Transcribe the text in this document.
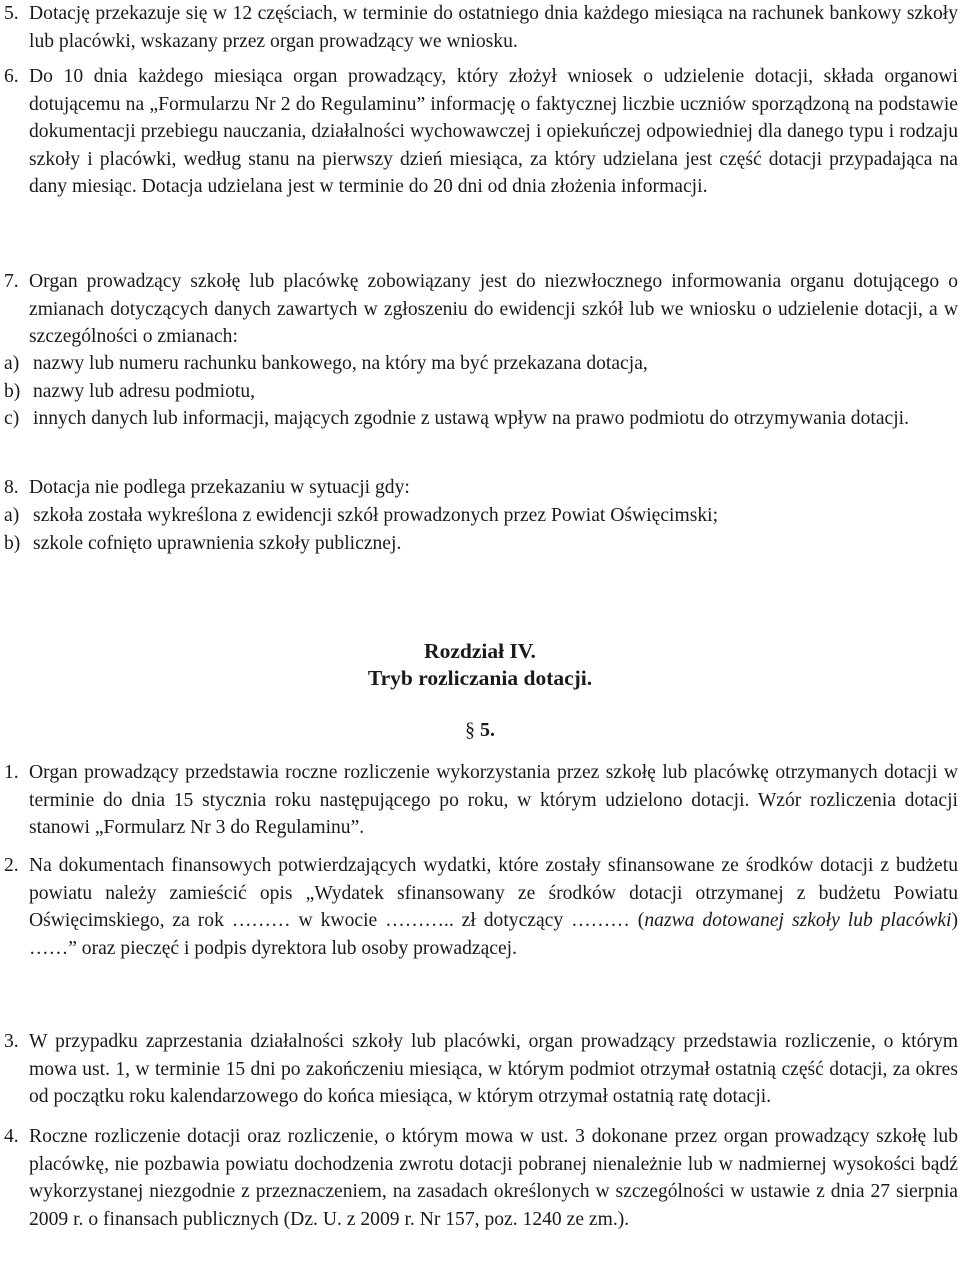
5. Dotację przekazuje się w 12 częściach, w terminie do ostatniego dnia każdego miesiąca na rachunek bankowy szkoły lub placówki, wskazany przez organ prowadzący we wniosku.

6. Do 10 dnia każdego miesiąca organ prowadzący, który złożył wniosek o udzielenie dotacji, składa organowi dotującemu na „Formularzu Nr 2 do Regulaminu” informację o faktycznej liczbie uczniów sporządzoną na podstawie dokumentacji przebiegu nauczania, działalności wychowawczej i opiekuńczej odpowiedniej dla danego typu i rodzaju szkoły i placówki, według stanu na pierwszy dzień miesiąca, za który udzielana jest część dotacji przypadająca na dany miesiąc. Dotacja udzielana jest w terminie do 20 dni od dnia złożenia informacji.

7. Organ prowadzący szkołę lub placówkę zobowiązany jest do niezwłocznego informowania organu dotującego o zmianach dotyczących danych zawartych w zgłoszeniu do ewidencji szkół lub we wniosku o udzielenie dotacji, a w szczególności o zmianach:

a) nazwy lub numeru rachunku bankowego, na który ma być przekazana dotacja,
b) nazwy lub adresu podmiotu,
c) innych danych lub informacji, mających zgodnie z ustawą wpływ na prawo podmiotu do otrzymywania dotacji.
8. Dotacja nie podlega przekazaniu w sytuacji gdy:

a) szkoła została wykreślona z ewidencji szkół prowadzonych przez Powiat Oświęcimski;
b) szkole cofnięto uprawnienia szkoły publicznej.
Rozdział IV.
Tryb rozliczania dotacji.
§ 5.
1. Organ prowadzący przedstawia roczne rozliczenie wykorzystania przez szkołę lub placówkę otrzymanych dotacji w terminie do dnia 15 stycznia roku następującego po roku, w którym udzielono dotacji. Wzór rozliczenia dotacji stanowi „Formularz Nr 3 do Regulaminu”.

2. Na dokumentach finansowych potwierdzających wydatki, które zostały sfinansowane ze środków dotacji z budżetu powiatu należy zamieścić opis „Wydatek sfinansowany ze środków dotacji otrzymanej z budżetu Powiatu Oświęcimskiego, za rok ……… w kwocie ……….. zł dotyczący ……… (nazwa dotowanej szkoły lub placówki) ……” oraz pieczęć i podpis dyrektora lub osoby prowadzącej.

3. W przypadku zaprzestania działalności szkoły lub placówki, organ prowadzący przedstawia rozliczenie, o którym mowa ust. 1, w terminie 15 dni po zakończeniu miesiąca, w którym podmiot otrzymał ostatnią część dotacji, za okres od początku roku kalendarzowego do końca miesiąca, w którym otrzymał ostatnią ratę dotacji.

4. Roczne rozliczenie dotacji oraz rozliczenie, o którym mowa w ust. 3 dokonane przez organ prowadzący szkołę lub placówkę, nie pozbawia powiatu dochodzenia zwrotu dotacji pobranej nienależnie lub w nadmiernej wysokości bądź wykorzystanej niezgodnie z przeznaczeniem, na zasadach określonych w szczególności w ustawie z dnia 27 sierpnia 2009 r. o finansach publicznych (Dz. U. z 2009 r. Nr 157, poz. 1240 ze zm.).
